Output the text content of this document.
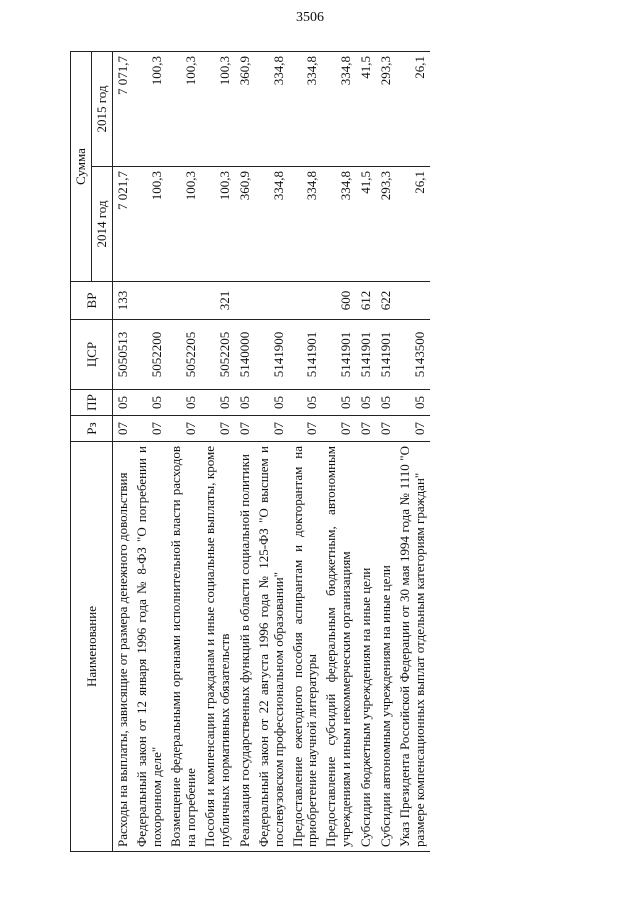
3506
Наименование	Рз	ПР	ЦСР	ВР	Сумма	
					2014 год	2015 год
Расходы на выплаты, зависящие от размера денежного довольствия	07	05	5050513	133	7 021,7	7 071,7
Федеральный закон от 12 января 1996 года № 8-ФЗ "О погребении и похоронном деле"	07	05	5052200		100,3	100,3
Возмещение федеральными органами исполнительной власти расходов на погребение	07	05	5052205		100,3	100,3
Пособия и компенсации гражданам и иные социальные выплаты, кроме публичных нормативных обязательств	07	05	5052205	321	100,3	100,3
Реализация государственных функций в области социальной политики	07	05	5140000		360,9	360,9
Федеральный закон от 22 августа 1996 года № 125-ФЗ "О высшем и послевузовском профессиональном образовании"	07	05	5141900		334,8	334,8
Предоставление ежегодного пособия аспирантам и докторантам на приобретение научной литературы	07	05	5141901		334,8	334,8
Предоставление субсидий федеральным бюджетным, автономным учреждениям и иным некоммерческим организациям	07	05	5141901	600	334,8	334,8
Субсидии бюджетным учреждениям на иные цели	07	05	5141901	612	41,5	41,5
Субсидии автономным учреждениям на иные цели	07	05	5141901	622	293,3	293,3
Указ Президента Российской Федерации от 30 мая 1994 года № 1110 "О размере компенсационных выплат отдельным категориям граждан"	07	05	5143500		26,1	26,1
